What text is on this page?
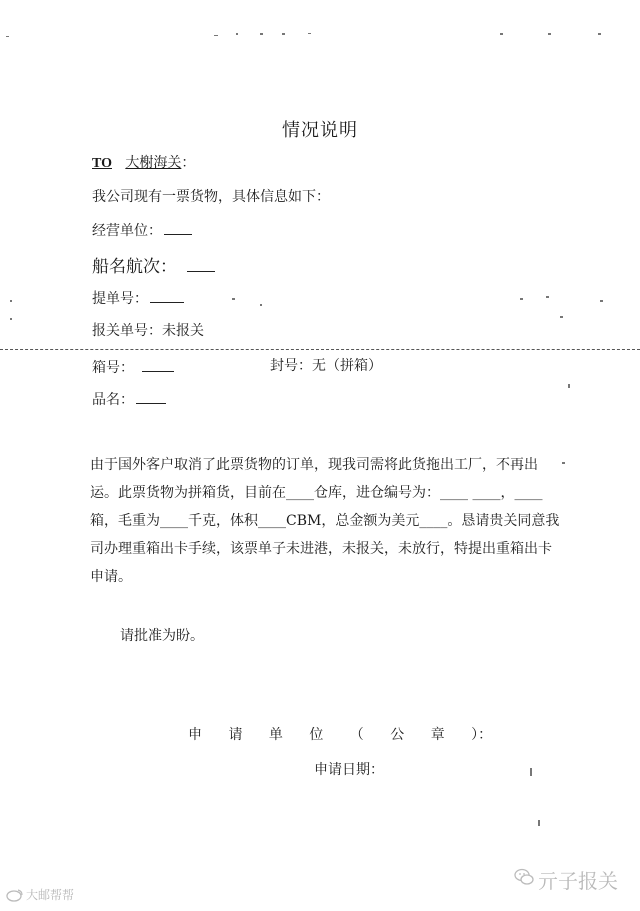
情况说明
TO 大榭海关：
我公司现有一票货物，具体信息如下：
经营单位：
船名航次：
提单号：
报关单号：未报关
箱号：	封号：无（拼箱）
品名：
由于国外客户取消了此票货物的订单，现我司需将此货拖出工厂，不再出运。此票货物为拼箱货，目前在____仓库，进仓编号为：____ ____，____箱，毛重为____千克，体积____CBM，总金额为美元____。恳请贵关同意我司办理重箱出卡手续，该票单子未进港，未报关，未放行，特提出重箱出卡申请。
请批准为盼。
申 请 单 位 （ 公 章 ）：
申请日期：
大邮帮帮
亓子报关
